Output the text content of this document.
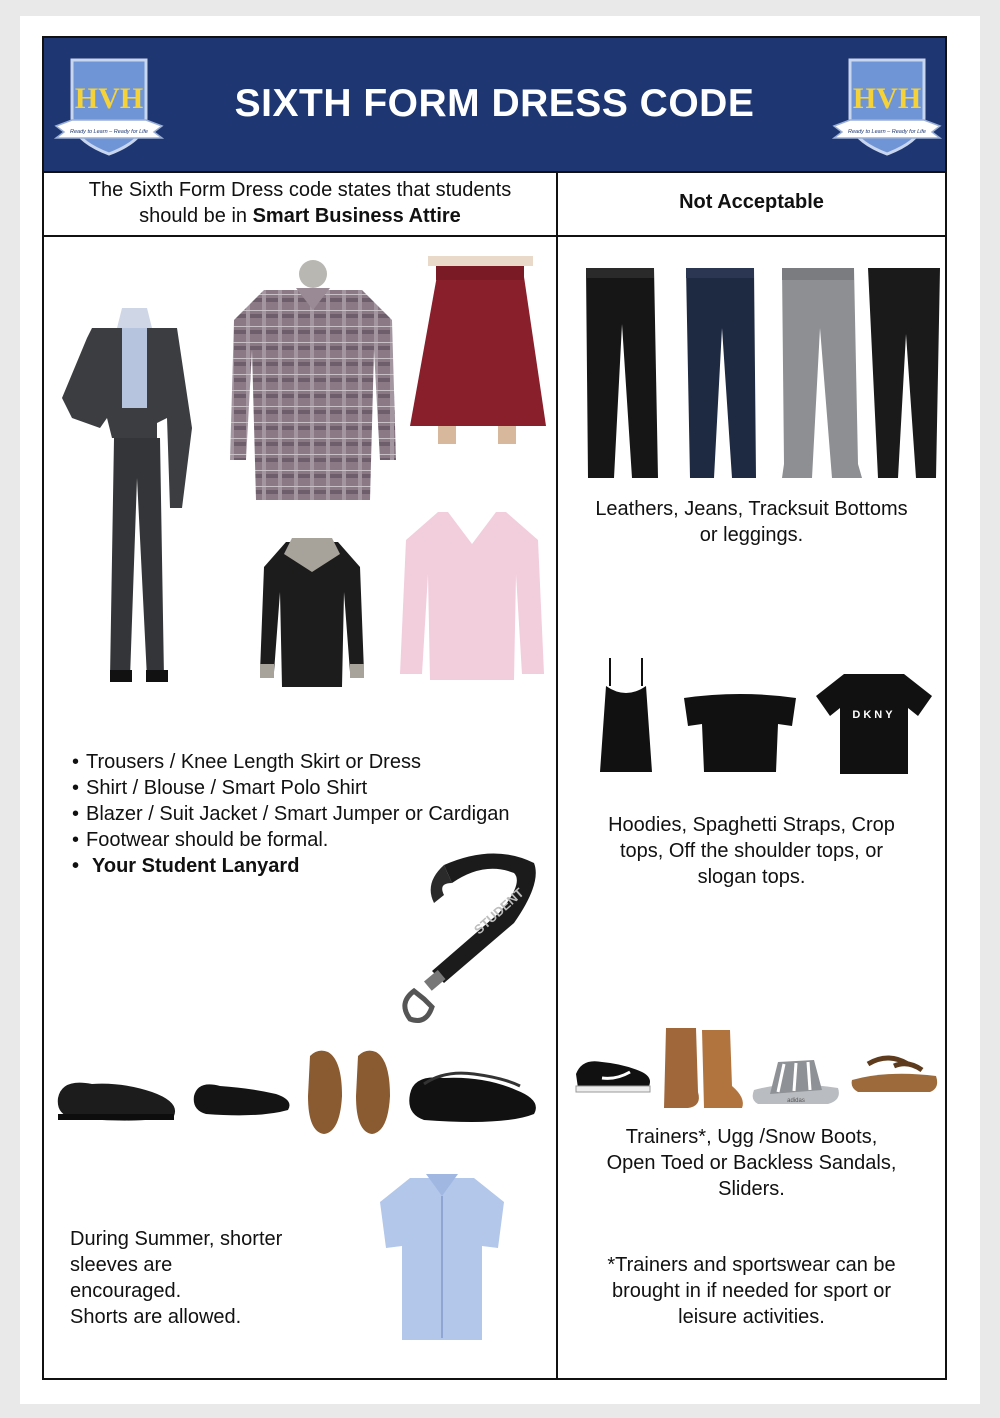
HVH
Ready to Learn – Ready for Life
SIXTH FORM DRESS CODE	HVH
Ready to Learn – Ready for Life
The Sixth Form Dress code states that students
should be in Smart Business Attire
Not Acceptable
• Trousers / Knee Length Skirt or Dress
• Shirt / Blouse / Smart Polo Shirt
• Blazer / Suit Jacket / Smart Jumper or Cardigan
• Footwear should be formal.
• Your Student Lanyard
STUDENT
During Summer, shorter
sleeves are
encouraged.
Shorts are allowed.
Leathers, Jeans, Tracksuit Bottoms
or leggings.
DKNY
Hoodies, Spaghetti Straps, Crop
tops, Off the shoulder tops, or
slogan tops.
adidas
Trainers*, Ugg /Snow Boots,
Open Toed or Backless Sandals,
Sliders.
*Trainers and sportswear can be
brought in if needed for sport or
leisure activities.
